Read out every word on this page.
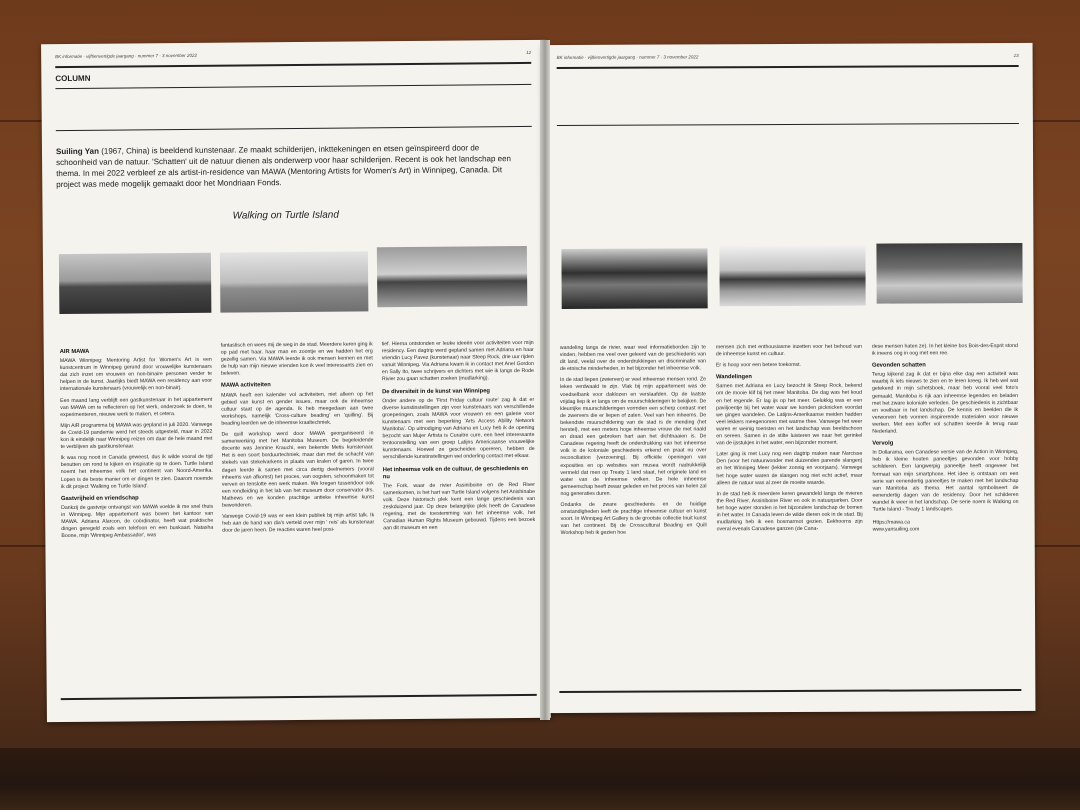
BK informatie · vijftienvertigde jaargang · nummer 7 · 3 november 2022
12
COLUMN
Suiling Yan (1967, China) is beeldend kunstenaar. Ze maakt schilderijen, inkttekeningen en etsen geïnspireerd door de schoonheid van de natuur. 'Schatten' uit de natuur dienen als onderwerp voor haar schilderijen. Recent is ook het landschap een thema. In mei 2022 verbleef ze als artist-in-residence van MAWA (Mentoring Artists for Women's Art) in Winnipeg, Canada. Dit project was mede mogelijk gemaakt door het Mondriaan Fonds.
Walking on Turtle Island
AIR MAWA

MAWA Winnipeg: Mentoring Artist for Women's Art is een kunstcentrum in Winnipeg gerund door vrouwelijke kunstenaars dat zich inzet om vrouwen en non-binaire personen verder te helpen in de kunst. Jaarlijks biedt MAWA een residency aan voor internationale kunstenaars (vrouwelijk en non-binair).

Een maand lang verblijft een gastkunstenaar in het appartement van MAWA om te reflecteren op het werk, onderzoek te doen, te experimenteren, nieuwe werk te maken, et cetera.

Mijn AiR programma bij MAWA was gepland in juli 2020. Vanwege de Covid-19 pandemie werd het steeds uitgesteld, maar in 2022 kon ik eindelijk naar Winnipeg reizen om daar de hele maand met te verblijven als gastkunstenaar.

Ik was nog nooit in Canada geweest, dus ik wilde vooral de tijd benutten om rond te kijken en inspiratie op te doen. Turtle Island noemt het inheemse volk het continent van Noord-Amerika. Lopen is de beste manier om er dingen te zien. Daarom noemde ik dit project 'Walking on Turtle Island'.

Gastvrijheid en vriendschap

Dankzij de gastvrije ontvangst van MAWA voelde ik me snel thuis in Winnipeg. Mijn appartement was boven het kantoor van MAWA. Adriana Alarcon, de coördinator, heeft wat praktische dingen geregeld zoals een telefoon en een buskaart. Natasha Boone, mijn 'Winnipeg Ambassador', was

fantastisch en wees mij de weg in de stad. Meerdere keren ging ik op pad met haar, haar man en zoontje en we hadden het erg gezellig samen. Via MAWA leerde ik ook mensen kennen en met de hulp van mijn nieuwe vrienden kon ik veel interessants zien en beleven.

MAWA activiteiten

MAWA heeft een kalender vol activiteiten, niet alleen op het gebied van kunst en gender issues, maar ook de inheemse cultuur staat op de agenda. Ik heb meegedaan aan twee workshops, namelijk 'Cross-culture beading' en 'quilling'. Bij beading leerden we de inheemse kraaltechniek.

De quill workshop werd door MAWA georganiseerd in samenwerking met het Manitoba Museum. De begeleidende docente was Jennine Krauchi, een bekende Metis kunstenaar. Het is een soort borduurtechniek, maar dan met de schacht van stekels van stekelvarkens in plaats van kralen of garen. In twee dagen leerde ik samen met circa dertig deelnemers (vooral inheems van afkomst) het proces, van oogsten, schoonmaken tot verven en tenslotte een werk maken. We kregen tussendoor ook een rondleiding in het lab van het museum door conservator drs. Mathews en we konden prachtige antieke inheemse kunst bewonderen.

Vanwege Covid-19 was er een klein publiek bij mijn artist talk. Ik heb aan de hand van dia's verteld over mijn ' reis' als kunstenaar door de jaren heen. De reacties waren heel posi-

tief. Hierna ontstonden er leuke ideeën voor activiteiten voor mijn residency. Een dagtrip werd gepland samen met Adriana en haar vriendin Lucy Pavez (kunstenaar) naar Steep Rock, drie uur rijden vanuit Winnipeg. Via Adriana kwam ik in contact met Anel Gordon en Sally Ito, twee schrijvers en dichters met wie ik langs de Rode Rivier zou gaan schatten zoeken (mudlarking).

De diversiteit in de kunst van Winnipeg

Onder andere op de 'First Friday cultuur route' zag ik dat er diverse kunstinstellingen zijn voor kunstenaars van verschillende groeperingen, zoals MAWA voor vrouwen en een galerie voor kunstenaars met een beperking 'Arts Access Ability Network Manitoba'. Op uitnodiging van Adriana en Lucy heb ik de opening bezocht van Mujer Artista is Curaitre cure, een heel interessante tentoonstelling van een groep Latijns Americaanse vrouwelijke kunstenaars. Hoewel ze gescheiden opereren, hebben de verschillende kunstinstellingen wel onderling contact met elkaar.

Het inheemse volk en de cultuur, de geschiedenis en nu

The Fork, waar de rivier Assiniboine en de Red River samenkomen, is het hart van Turtle Island volgens het Anishinabe volk. Deze historisch plek kent een lange geschiedenis van zeskduizend jaar. Op deze belangrijke plek heeft de Canadese regering, met de toestemming van het inheemse volk, het Canadian Human Rights Museum gebouwd. Tijdens een bezoek aan dit museum en een

BK informatie · vijftienvertigde jaargang · nummer 7 · 3 november 2022	13

wandeling langs de rivier, waar veel informatieborden zijn te vinden, hebben me veel over geleerd van de geschiedenis van dit land, veelal over de onderdrukkingen en discriminatie van de etnische minderheden, in het bijzonder het inheemse volk.

In de stad liepen (zwierven) er veel inheemse mensen rond. Ze leken verdwaald te zijn. Vlak bij mijn appartement was de voedselbank voor daklozen en verslaafden. Op de laatste vrijdag liep ik er langs om de muurschilderingen te bekijken. De kleurrijke muurschilderingen vormden een scherp contrast met de zwervers die er liepen of zaten. Veel van hen inheems. De bekendste muurschildering van de stad is de mending (het herstel), met een meters hoge inheemse vrouw die met naald en draad een gebroken hart aan het dichtnaaien is. De Canadese regering heeft de onderdrukking van het inheemse volk in de koloniale geschiedenis erkend en praat nu over reconciliation (verzoening). Bij officiële openingen van exposities en op websites van musea wordt nadrukkelijk vermeld dat men op Treaty 1 land staat, het originele land en water van de inheemse volken. De hele inheemse gemeenschap heeft zwaar geleden en het proces van helen zal nog generaties duren.

Ondanks de zware geschiedenis en de huidige omstandigheden leeft de prachtige inheemse cultuur en kunst voort. In Winnipeg Art Gallery is de grootste collectie Inuit kunst van het continent. Bij de Crosscultural Beading en Quill Workshop heb ik gezien hoe

mensen zich met enthousiasme inzetten voor het behoud van de inheemse kunst en cultuur.

Er is hoop voor een betere toekomst.

Wandelingen

Samen met Adriana en Lucy bezocht ik Steep Rock, bekend om de mooie klif bij het meer Manitoba. De dag was het koud en het regende. Er lag ijs op het meer. Gelukkig was er een paviljoentje bij het water waar we konden picknicken voordat we gingen wandelen. De Latijns-Amerikaanse meiden hadden veel lekkers meegenomen met warme thee. Vanwege het weer waren er weinig toeristen en het landschap was beeldschoon en sereen. Samen in de stilte luisteren we naar het gerinkel van de ijsstukjes in het water, een bijzonder moment.

Later ging ik met Lucy nog een dagtrip maken naar Narcisse Den (voor het natuurwonder met duizenden parende slangen) en het Winnipeg Meer (lekker zonnig en voorjaars). Vanwege het hoge water waren de slangen nog niet echt actief, maar alleen de natuur was al zeer de moeite waarde.

In de stad heb ik meerdere keren gewandeld langs de rivieren the Red River, Assiniboine River en ook in natuurparken. Door het hoge water stonden in het bijzondere landschap de bomen in het water. In Canada leven de wilde dieren ook in de stad. Bij mudlarking heb ik een bosmarmot gezien. Eekhoorns zijn overal evenals Canadese ganzen (de Cana-

dese mensen haten ze). In het kleine bos Bois-des-Esprit stond ik ineens oog in oog met een ree.

Gevonden schatten

Terug kijkend zag ik dat er bijna elke dag een activiteit was waarbij ik iets nieuws te zien en te leren kreeg. Ik heb wel wat getekend in mijn schetsboek, maar heb vooral veel foto's gemaakt. Manitoba is rijk aan inheemse legendes en beladen met het zware koloniale verleden. De geschiedenis is zichtbaar en voelbaar in het landschap. De kennis en beelden die ik verworven heb vormen inspirerende materialen voor nieuwe werken. Met een koffer vol schatten keerde ik terug naar Nederland.

Vervolg

In Dollarama, een Canadese versie van de Action in Winnipeg, heb ik kleine houten paneeltjes gevonden voor hobby schilderen. Een langwerpig paneeltje heeft ongeveer het formaat van mijn smartphone. Het idee is ontstaan om een serie van eenendertig paneeltjes te maken met het landschap van Manitoba als thema. Het aantal symboliseert de eenendertig dagen van de residency. Door het schilderen wandel ik weer in het landschap. De serie noem ik Walking on Turtle Island - Treaty 1 landscapes.

Https://mawa.ca
www.yansuiling.com
